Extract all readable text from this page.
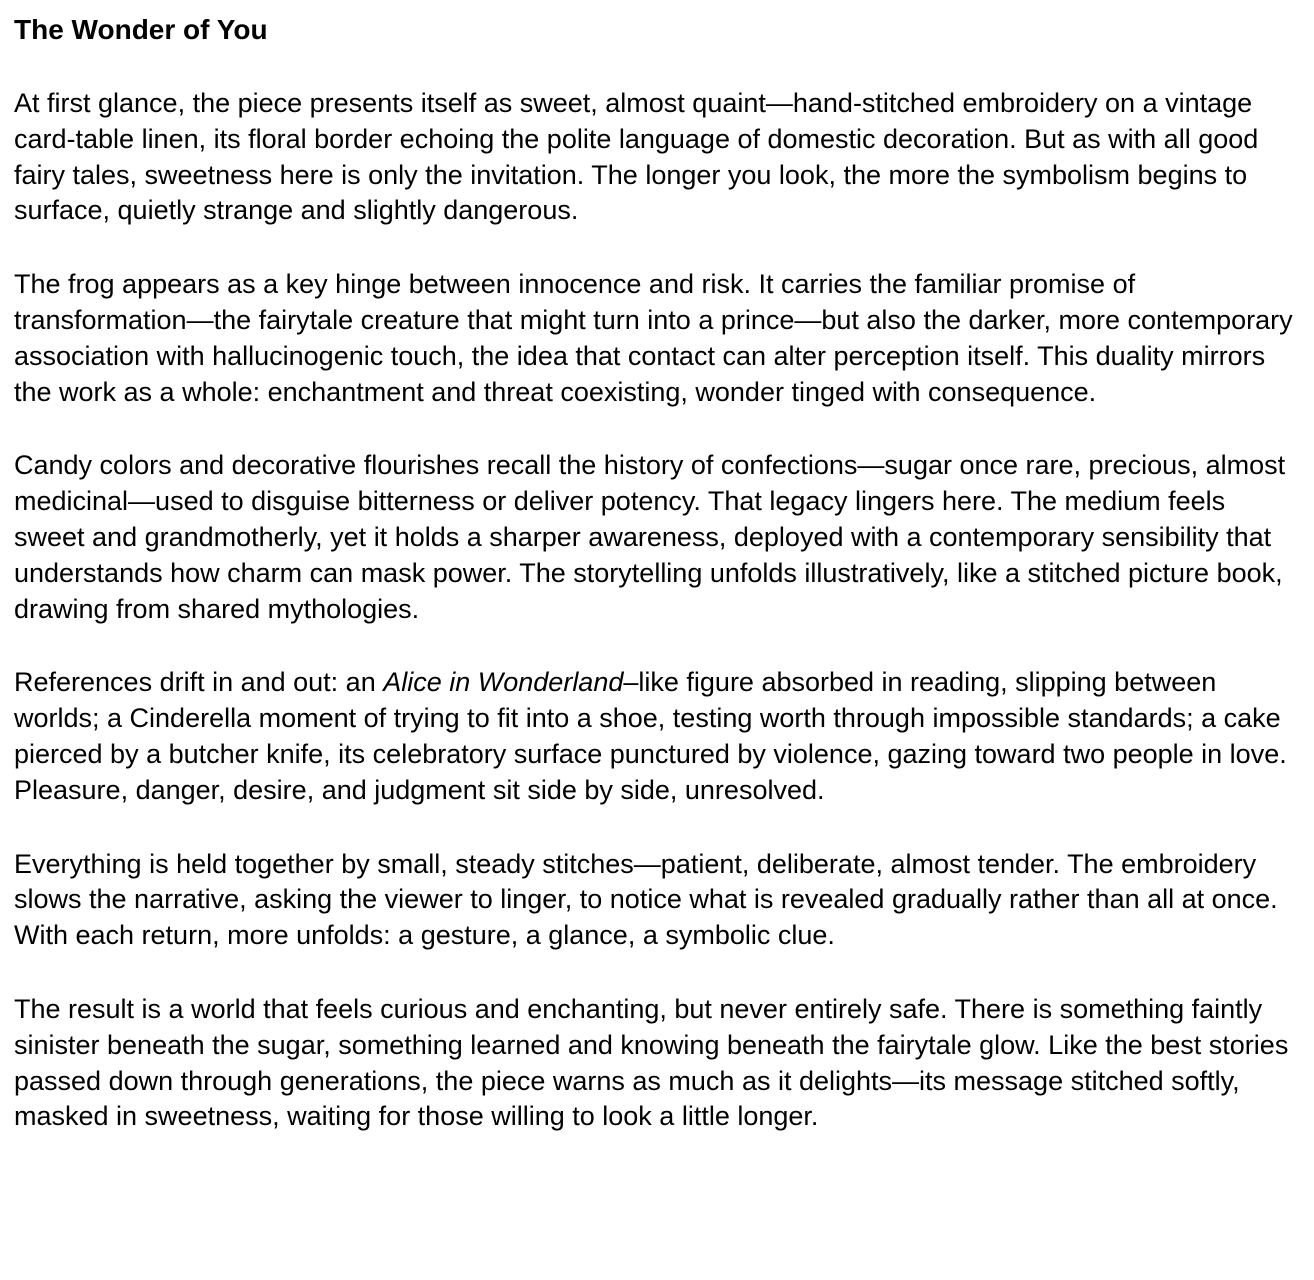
The Wonder of You

At first glance, the piece presents itself as sweet, almost quaint—hand-stitched embroidery on a vintage card-table linen, its floral border echoing the polite language of domestic decoration. But as with all good fairy tales, sweetness here is only the invitation. The longer you look, the more the symbolism begins to surface, quietly strange and slightly dangerous.

The frog appears as a key hinge between innocence and risk. It carries the familiar promise of transformation—the fairytale creature that might turn into a prince—but also the darker, more contemporary association with hallucinogenic touch, the idea that contact can alter perception itself. This duality mirrors the work as a whole: enchantment and threat coexisting, wonder tinged with consequence.

Candy colors and decorative flourishes recall the history of confections—sugar once rare, precious, almost medicinal—used to disguise bitterness or deliver potency. That legacy lingers here. The medium feels sweet and grandmotherly, yet it holds a sharper awareness, deployed with a contemporary sensibility that understands how charm can mask power. The storytelling unfolds illustratively, like a stitched picture book, drawing from shared mythologies.

References drift in and out: an Alice in Wonderland–like figure absorbed in reading, slipping between worlds; a Cinderella moment of trying to fit into a shoe, testing worth through impossible standards; a cake pierced by a butcher knife, its celebratory surface punctured by violence, gazing toward two people in love. Pleasure, danger, desire, and judgment sit side by side, unresolved.

Everything is held together by small, steady stitches—patient, deliberate, almost tender. The embroidery slows the narrative, asking the viewer to linger, to notice what is revealed gradually rather than all at once. With each return, more unfolds: a gesture, a glance, a symbolic clue.

The result is a world that feels curious and enchanting, but never entirely safe. There is something faintly sinister beneath the sugar, something learned and knowing beneath the fairytale glow. Like the best stories passed down through generations, the piece warns as much as it delights—its message stitched softly, masked in sweetness, waiting for those willing to look a little longer.
